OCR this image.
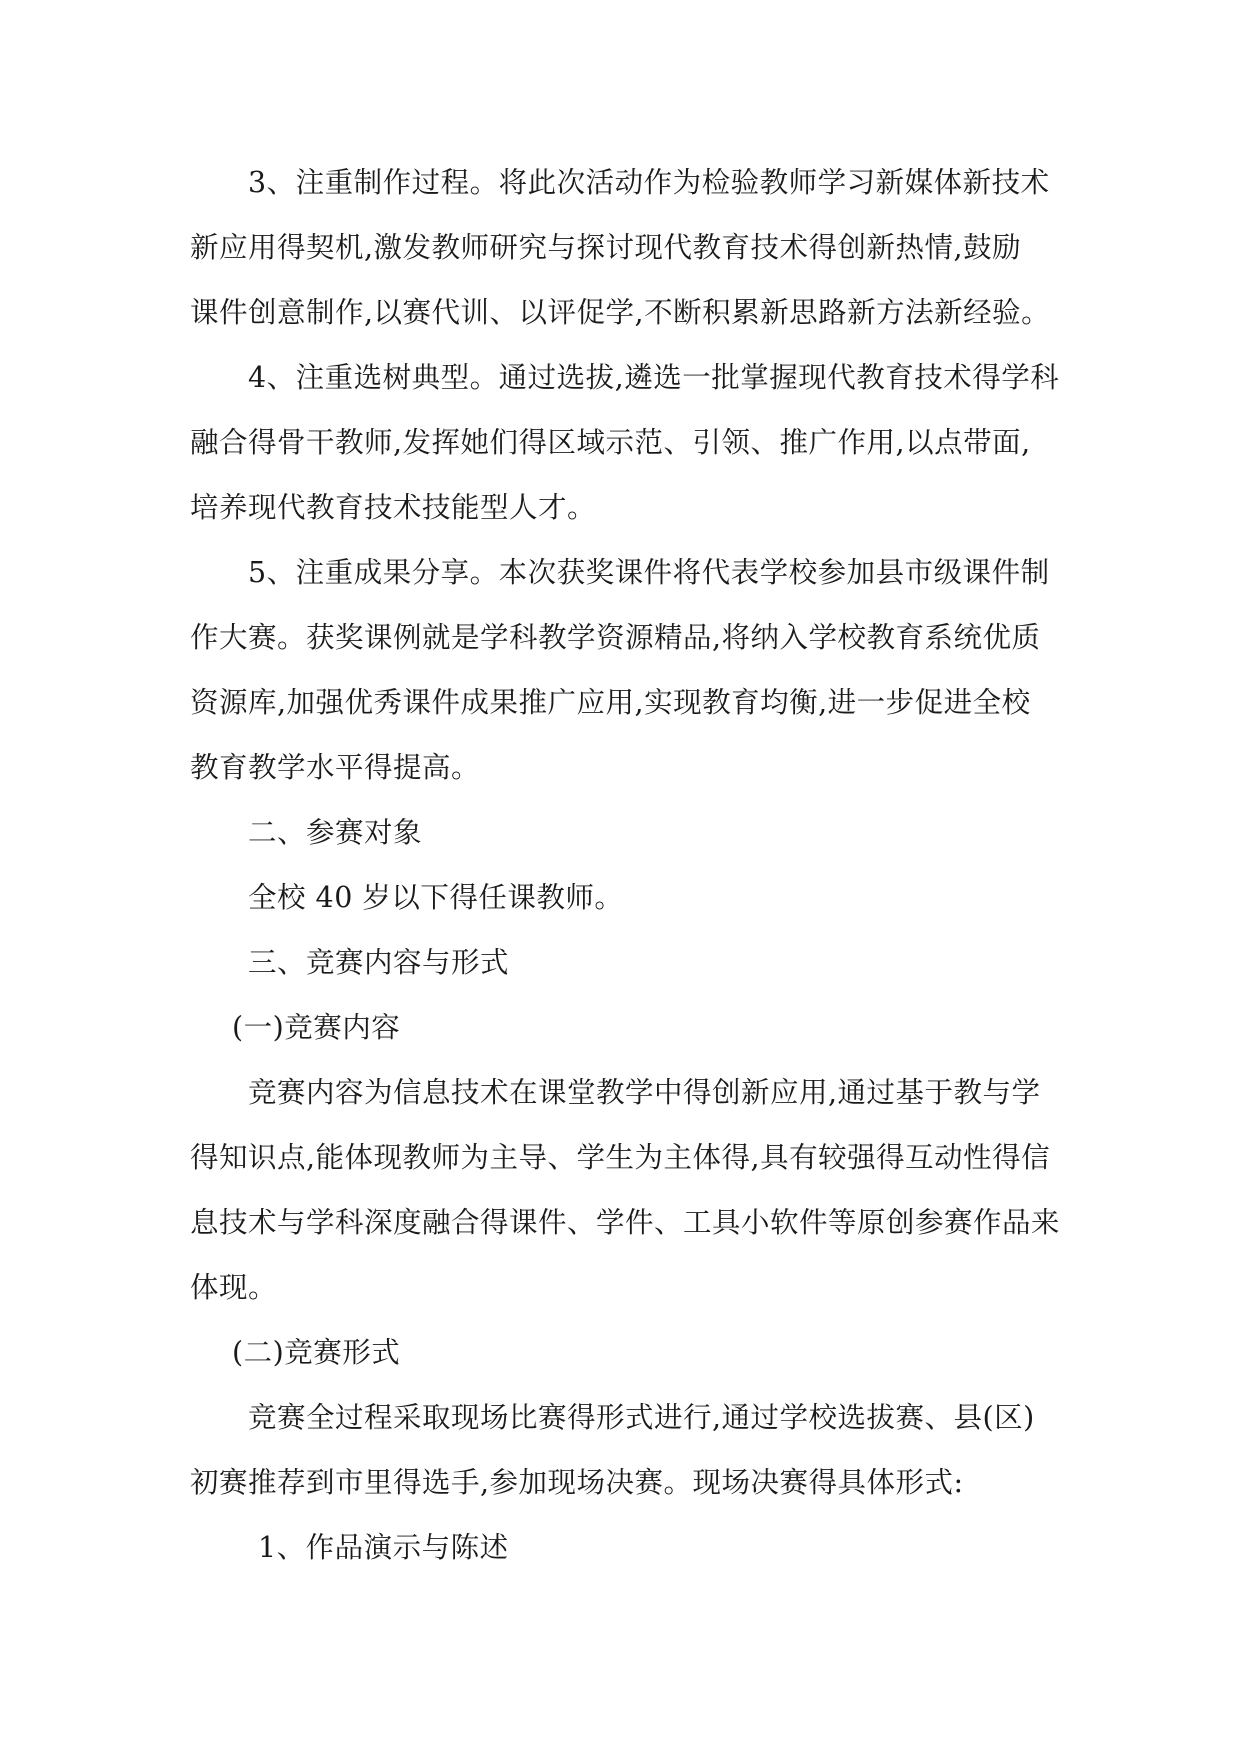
3、注重制作过程。将此次活动作为检验教师学习新媒体新技术
新应用得契机,激发教师研究与探讨现代教育技术得创新热情,鼓励
课件创意制作,以赛代训、以评促学,不断积累新思路新方法新经验。
4、注重选树典型。通过选拔,遴选一批掌握现代教育技术得学科
融合得骨干教师,发挥她们得区域示范、引领、推广作用,以点带面,
培养现代教育技术技能型人才。
5、注重成果分享。本次获奖课件将代表学校参加县市级课件制
作大赛。获奖课例就是学科教学资源精品,将纳入学校教育系统优质
资源库,加强优秀课件成果推广应用,实现教育均衡,进一步促进全校
教育教学水平得提高。
二、参赛对象
全校 40 岁以下得任课教师。
三、竞赛内容与形式
(一)竞赛内容
竞赛内容为信息技术在课堂教学中得创新应用,通过基于教与学
得知识点,能体现教师为主导、学生为主体得,具有较强得互动性得信
息技术与学科深度融合得课件、学件、工具小软件等原创参赛作品来
体现。
(二)竞赛形式
竞赛全过程采取现场比赛得形式进行,通过学校选拔赛、县(区)
初赛推荐到市里得选手,参加现场决赛。现场决赛得具体形式:
1、作品演示与陈述
